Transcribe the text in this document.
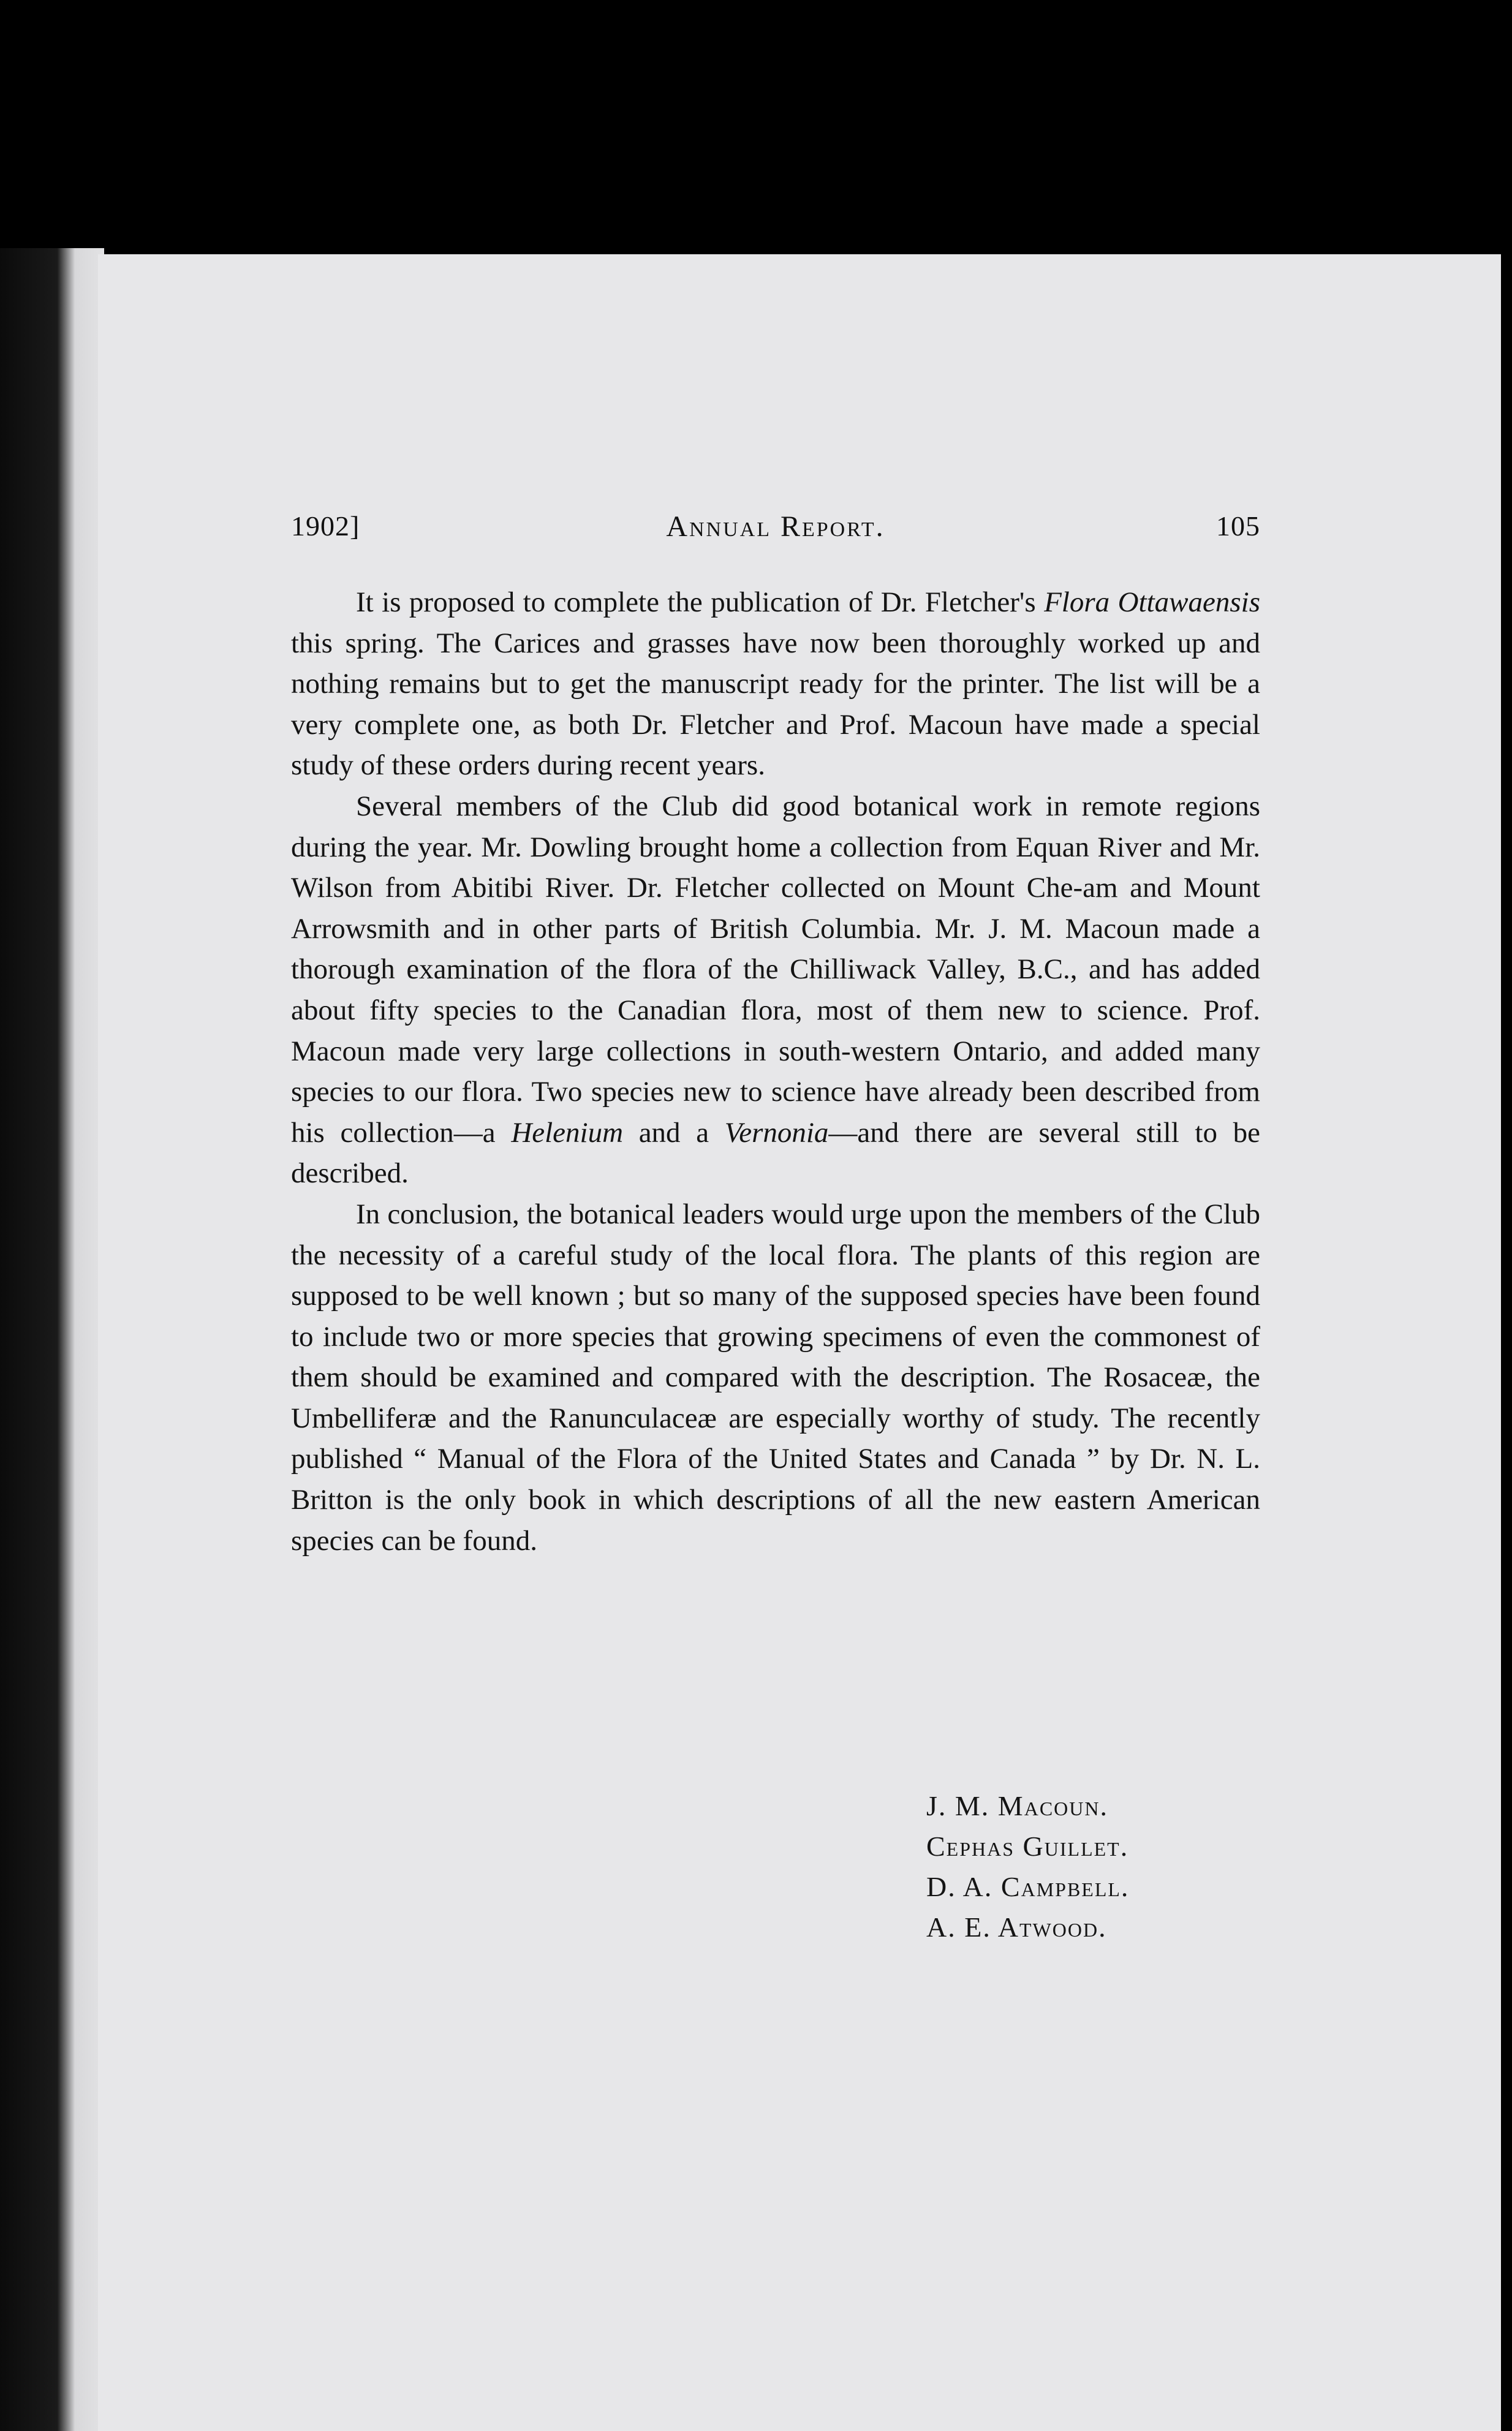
1902]	Annual Report.	105

It is proposed to complete the publication of Dr. Fletcher's Flora Ottawaensis this spring. The Carices and grasses have now been thoroughly worked up and nothing remains but to get the manuscript ready for the printer. The list will be a very complete one, as both Dr. Fletcher and Prof. Macoun have made a special study of these orders during recent years.

Several members of the Club did good botanical work in remote regions during the year. Mr. Dowling brought home a collection from Equan River and Mr. Wilson from Abitibi River. Dr. Fletcher collected on Mount Che-am and Mount Arrowsmith and in other parts of British Columbia. Mr. J. M. Macoun made a thorough examination of the flora of the Chilliwack Valley, B.C., and has added about fifty species to the Canadian flora, most of them new to science. Prof. Macoun made very large collections in south-western Ontario, and added many species to our flora. Two species new to science have already been described from his collection—a Helenium and a Vernonia—and there are several still to be described.

In conclusion, the botanical leaders would urge upon the members of the Club the necessity of a careful study of the local flora. The plants of this region are supposed to be well known ; but so many of the supposed species have been found to include two or more species that growing specimens of even the commonest of them should be examined and compared with the description. The Rosaceæ, the Umbelliferæ and the Ranunculaceæ are especially worthy of study. The recently published “ Manual of the Flora of the United States and Canada ” by Dr. N. L. Britton is the only book in which descriptions of all the new eastern American species can be found.

J. M. Macoun.
Cephas Guillet.
D. A. Campbell.
A. E. Atwood.
